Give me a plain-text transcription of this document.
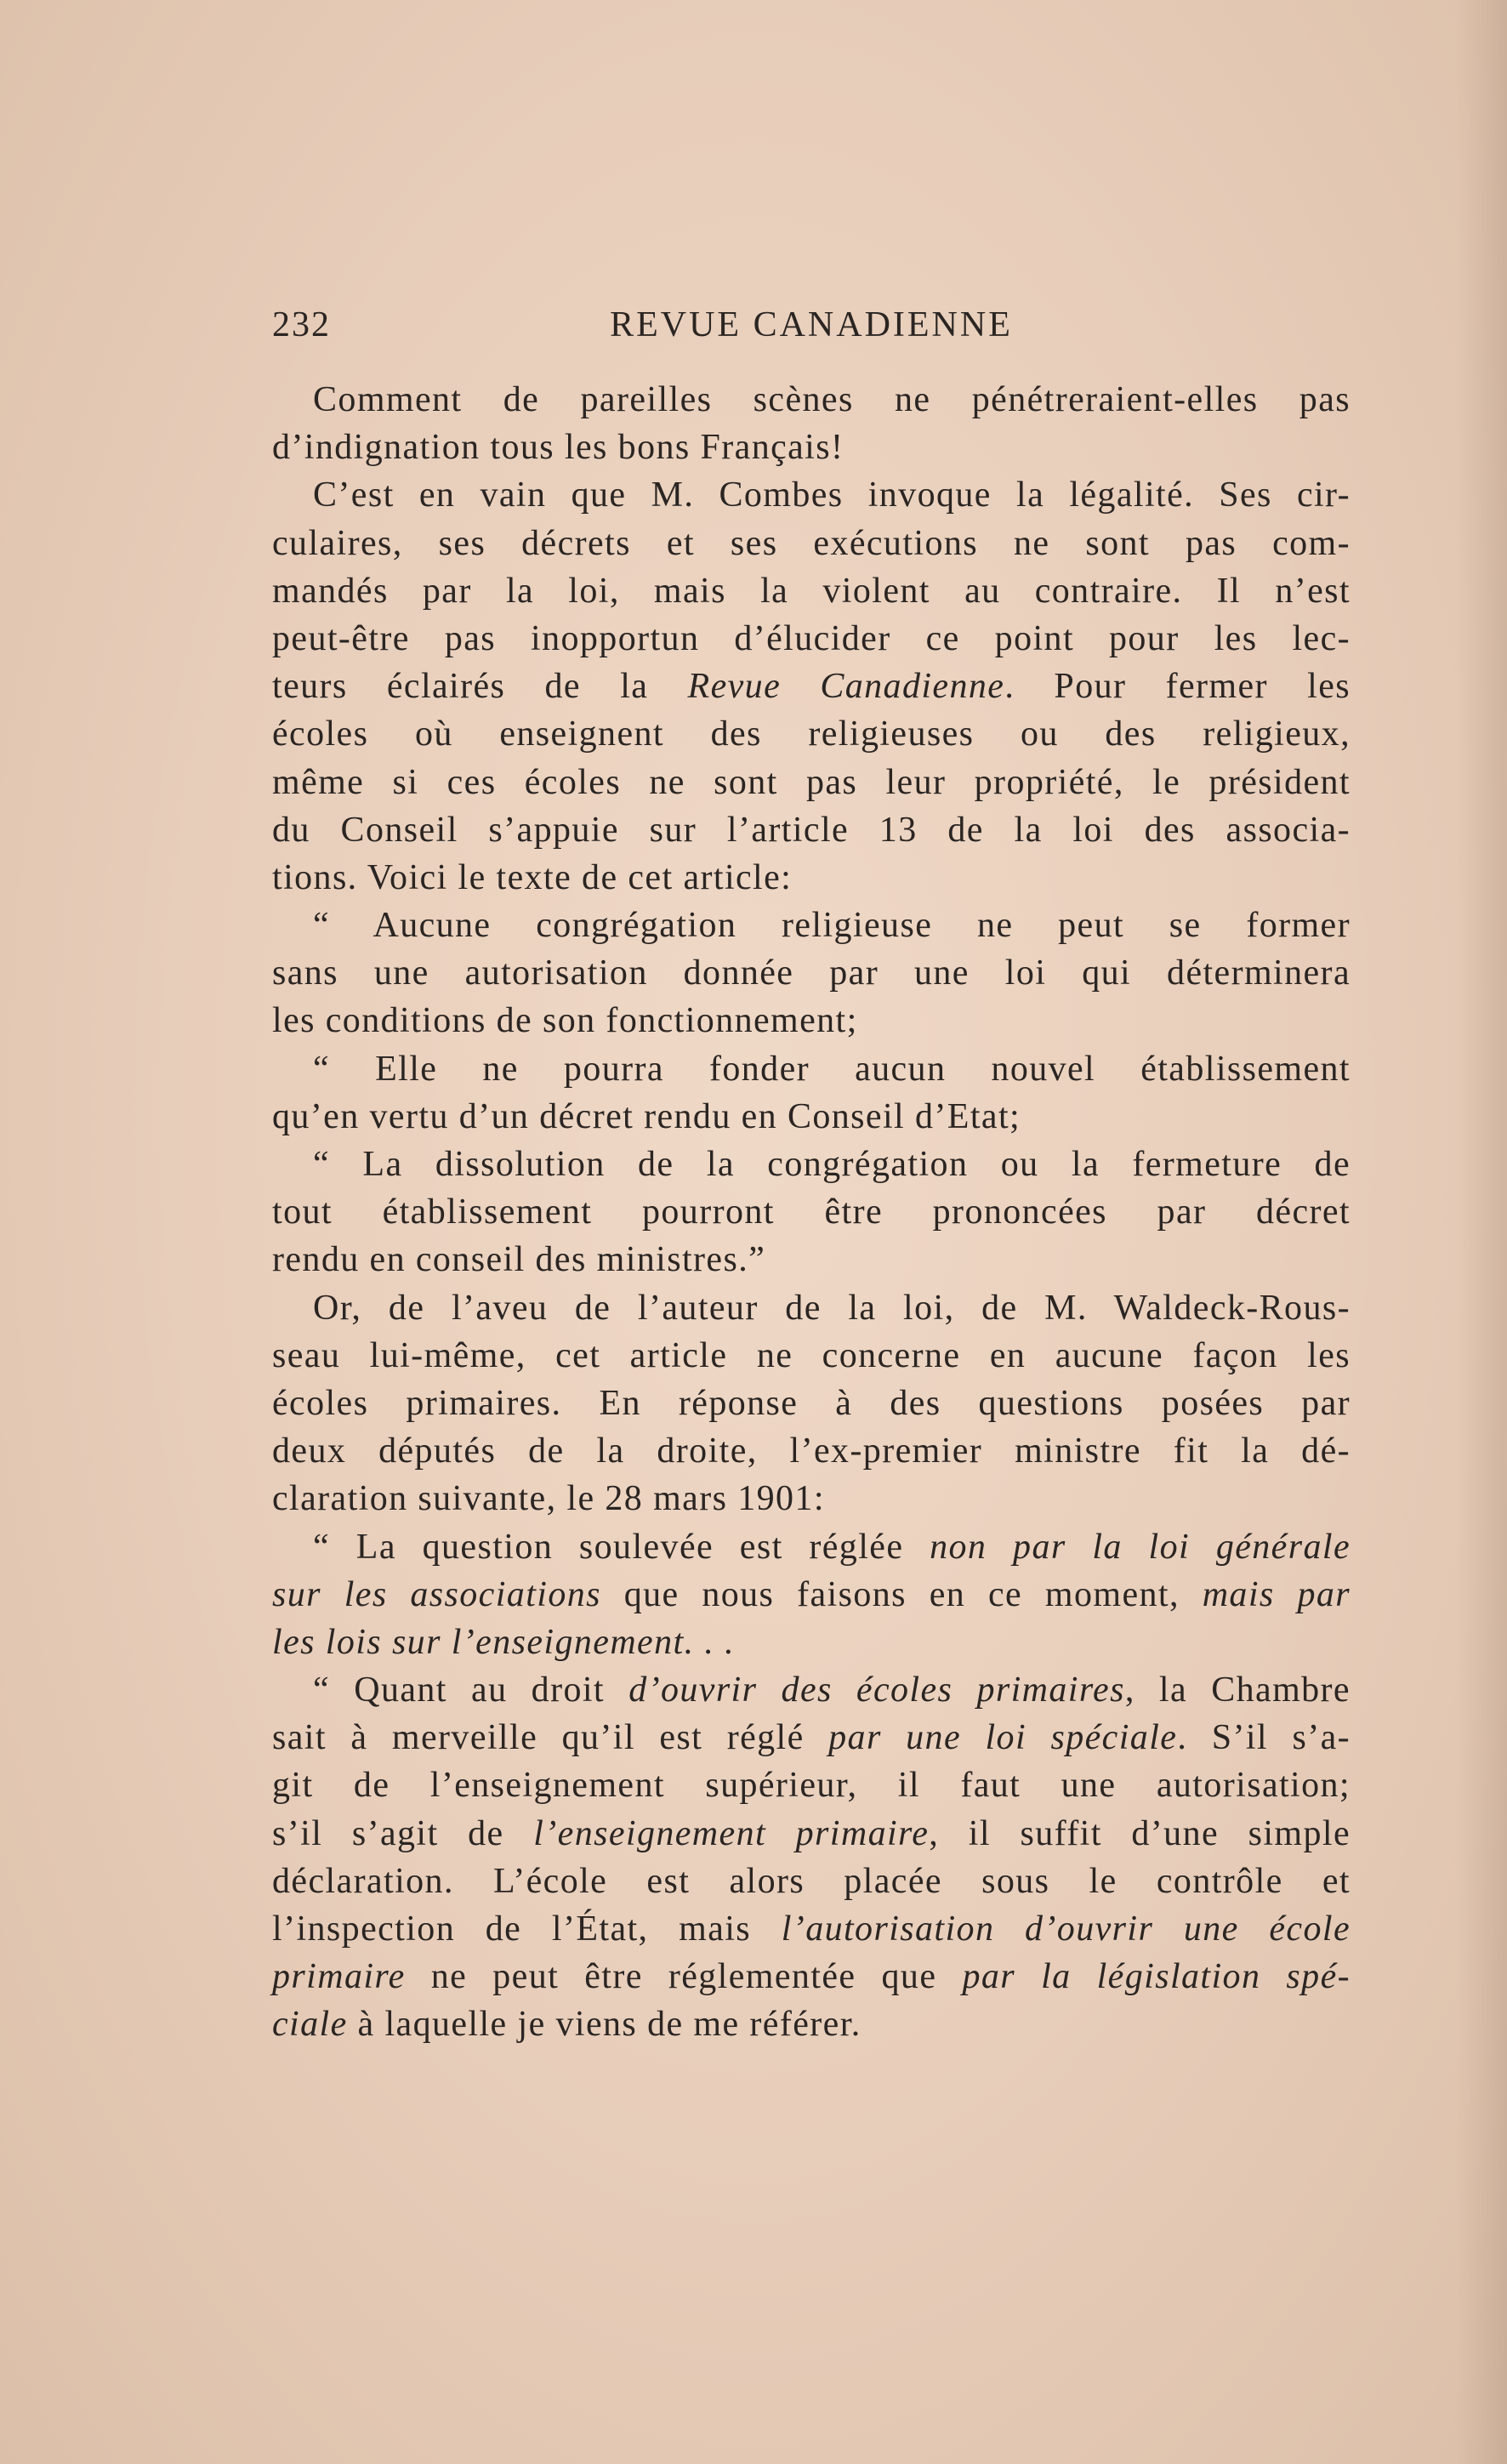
232	REVUE CANADIENNE
Comment de pareilles scènes ne pénétreraient-elles pas
d’indignation tous les bons Français!
C’est en vain que M. Combes invoque la légalité. Ses cir-
culaires, ses décrets et ses exécutions ne sont pas com-
mandés par la loi, mais la violent au contraire. Il n’est
peut-être pas inopportun d’élucider ce point pour les lec-
teurs éclairés de la Revue Canadienne. Pour fermer les
écoles où enseignent des religieuses ou des religieux,
même si ces écoles ne sont pas leur propriété, le président
du Conseil s’appuie sur l’article 13 de la loi des associa-
tions. Voici le texte de cet article:
“ Aucune congrégation religieuse ne peut se former
sans une autorisation donnée par une loi qui déterminera
les conditions de son fonctionnement;
“ Elle ne pourra fonder aucun nouvel établissement
qu’en vertu d’un décret rendu en Conseil d’Etat;
“ La dissolution de la congrégation ou la fermeture de
tout établissement pourront être prononcées par décret
rendu en conseil des ministres.”
Or, de l’aveu de l’auteur de la loi, de M. Waldeck-Rous-
seau lui-même, cet article ne concerne en aucune façon les
écoles primaires. En réponse à des questions posées par
deux députés de la droite, l’ex-premier ministre fit la dé-
claration suivante, le 28 mars 1901:
“ La question soulevée est réglée non par la loi générale
sur les associations que nous faisons en ce moment, mais par
les lois sur l’enseignement. . .
“ Quant au droit d’ouvrir des écoles primaires, la Chambre
sait à merveille qu’il est réglé par une loi spéciale. S’il s’a-
git de l’enseignement supérieur, il faut une autorisation;
s’il s’agit de l’enseignement primaire, il suffit d’une simple
déclaration. L’école est alors placée sous le contrôle et
l’inspection de l’État, mais l’autorisation d’ouvrir une école
primaire ne peut être réglementée que par la législation spé-
ciale à laquelle je viens de me référer.
